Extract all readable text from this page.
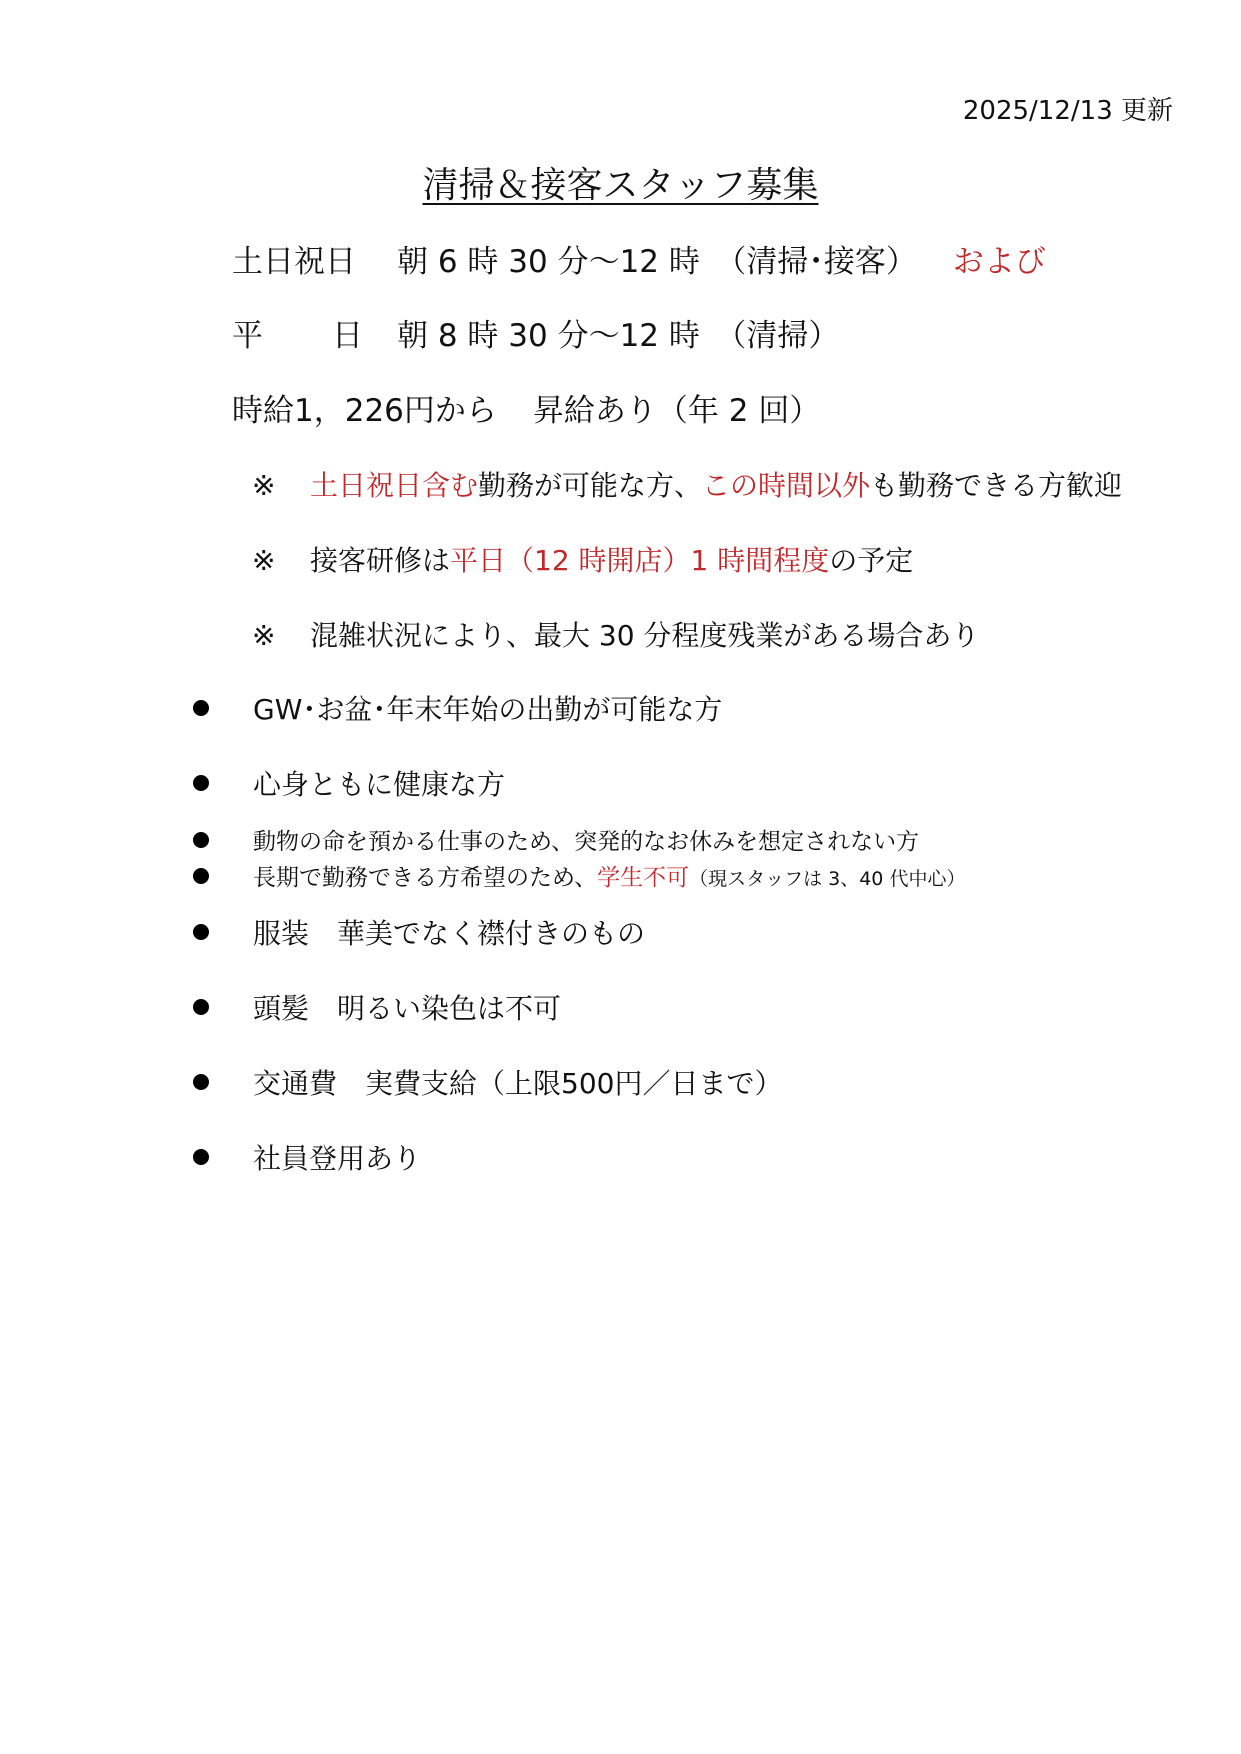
2025/12/13 更新
清掃＆接客スタッフ募集
土日祝日 朝 6 時 30 分～12 時　（清掃･接客） および
平 日 朝 8 時 30 分～12 時　（清掃）
時給1，226円から 昇給あり（年 2 回）
※ 土日祝日含む勤務が可能な方、この時間以外も勤務できる方歓迎
※ 接客研修は平日（12 時開店）1 時間程度の予定
※ 混雑状況により、最大 30 分程度残業がある場合あり
GW･お盆･年末年始の出勤が可能な方
心身ともに健康な方
動物の命を預かる仕事のため、突発的なお休みを想定されない方
長期で勤務できる方希望のため、学生不可（現スタッフは 3、40 代中心）
服装　華美でなく襟付きのもの
頭髪　明るい染色は不可
交通費　実費支給（上限500円／日まで）
社員登用あり
